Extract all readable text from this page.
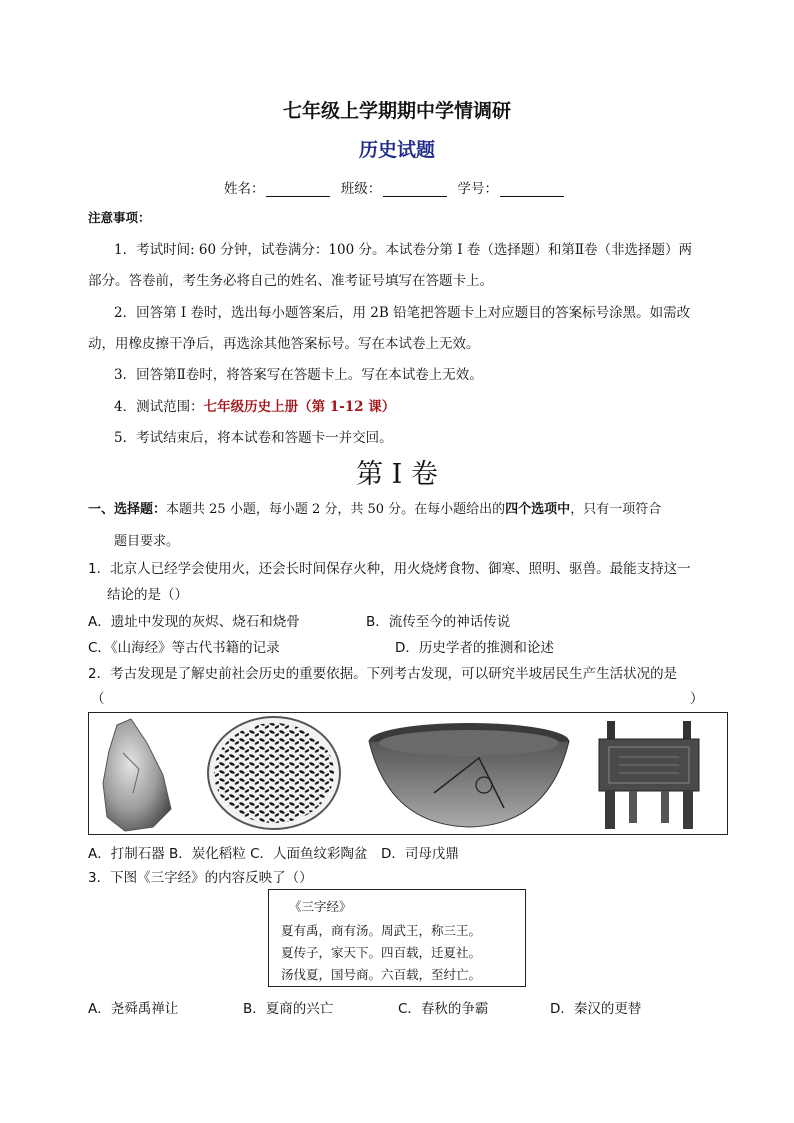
七年级上学期期中学情调研
历史试题
姓名：	班级：	学号：
注意事项：
1．考试时间: 60 分钟，试卷满分：100 分。本试卷分第 I 卷（选择题）和第Ⅱ卷（非选择题）两
部分。答卷前，考生务必将自己的姓名、准考证号填写在答题卡上。
2．回答第 I 卷时，选出每小题答案后，用 2B 铅笔把答题卡上对应题目的答案标号涂黑。如需改
动，用橡皮擦干净后，再选涂其他答案标号。写在本试卷上无效。
3．回答第Ⅱ卷时，将答案写在答题卡上。写在本试卷上无效。
4．测试范围：七年级历史上册（第 1-12 课）
5．考试结束后，将本试卷和答题卡一并交回。
第 I 卷
一、选择题：本题共 25 小题，每小题 2 分，共 50 分。在每小题给出的四个选项中，只有一项符合
题目要求。
1．北京人已经学会使用火，还会长时间保存火种，用火烧烤食物、御寒、照明、驱兽。最能支持这一
结论的是（）
A．遗址中发现的灰烬、烧石和烧骨	B．流传至今的神话传说
C．《山海经》等古代书籍的记录	D．历史学者的推测和论述
2．考古发现是了解史前社会历史的重要依据。下列考古发现，可以研究半坡居民生产生活状况的是
（	）
A．打制石器 B．炭化稻粒 C．人面鱼纹彩陶盆　D．司母戊鼎
3．下图《三字经》的内容反映了（）
《三字经》
夏有禹，商有汤。周武王，称三王。
夏传子，家天下。四百载，迁夏社。
汤伐夏，国号商。六百载，至纣亡。
A．尧舜禹禅让	B．夏商的兴亡	C．春秋的争霸	D．秦汉的更替
